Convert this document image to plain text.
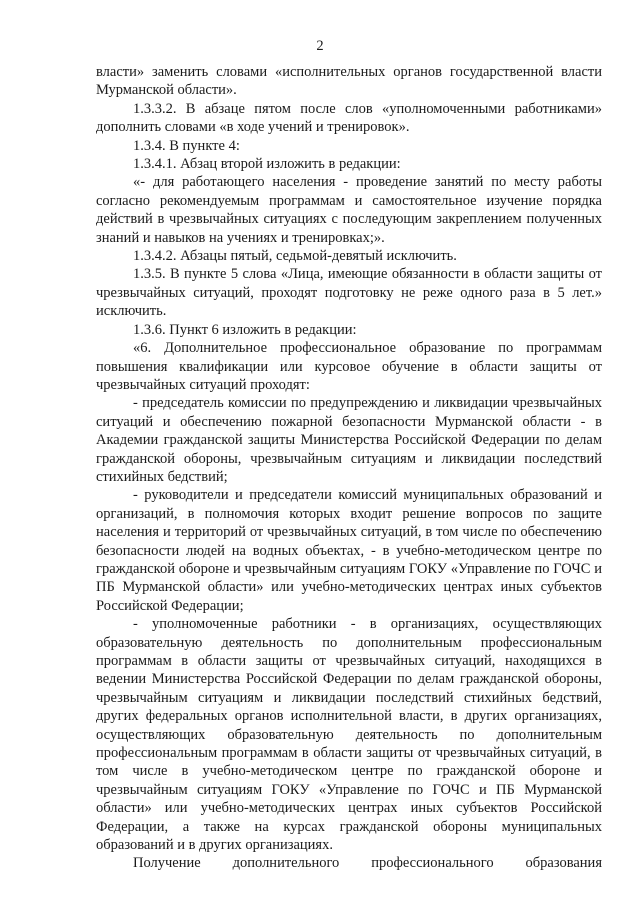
2

власти» заменить словами «исполнительных органов государственной власти Мурманской области».

1.3.3.2. В абзаце пятом после слов «уполномоченными работниками» дополнить словами «в ходе учений и тренировок».

1.3.4. В пункте 4:

1.3.4.1. Абзац второй изложить в редакции:

«- для работающего населения - проведение занятий по месту работы согласно рекомендуемым программам и самостоятельное изучение порядка действий в чрезвычайных ситуациях с последующим закреплением полученных знаний и навыков на учениях и тренировках;».

1.3.4.2. Абзацы пятый, седьмой-девятый исключить.

1.3.5. В пункте 5 слова «Лица, имеющие обязанности в области защиты от чрезвычайных ситуаций, проходят подготовку не реже одного раза в 5 лет.» исключить.

1.3.6. Пункт 6 изложить в редакции:

«6. Дополнительное профессиональное образование по программам повышения квалификации или курсовое обучение в области защиты от чрезвычайных ситуаций проходят:

- председатель комиссии по предупреждению и ликвидации чрезвычайных ситуаций и обеспечению пожарной безопасности Мурманской области - в Академии гражданской защиты Министерства Российской Федерации по делам гражданской обороны, чрезвычайным ситуациям и ликвидации последствий стихийных бедствий;

- руководители и председатели комиссий муниципальных образований и организаций, в полномочия которых входит решение вопросов по защите населения и территорий от чрезвычайных ситуаций, в том числе по обеспечению безопасности людей на водных объектах, - в учебно-методическом центре по гражданской обороне и чрезвычайным ситуациям ГОКУ «Управление по ГОЧС и ПБ Мурманской области» или учебно-методических центрах иных субъектов Российской Федерации;

- уполномоченные работники - в организациях, осуществляющих образовательную деятельность по дополнительным профессиональным программам в области защиты от чрезвычайных ситуаций, находящихся в ведении Министерства Российской Федерации по делам гражданской обороны, чрезвычайным ситуациям и ликвидации последствий стихийных бедствий, других федеральных органов исполнительной власти, в других организациях, осуществляющих образовательную деятельность по дополнительным профессиональным программам в области защиты от чрезвычайных ситуаций, в том числе в учебно-методическом центре по гражданской обороне и чрезвычайным ситуациям ГОКУ «Управление по ГОЧС и ПБ Мурманской области» или учебно-методических центрах иных субъектов Российской Федерации, а также на курсах гражданской обороны муниципальных образований и в других организациях.

Получение дополнительного профессионального образования
